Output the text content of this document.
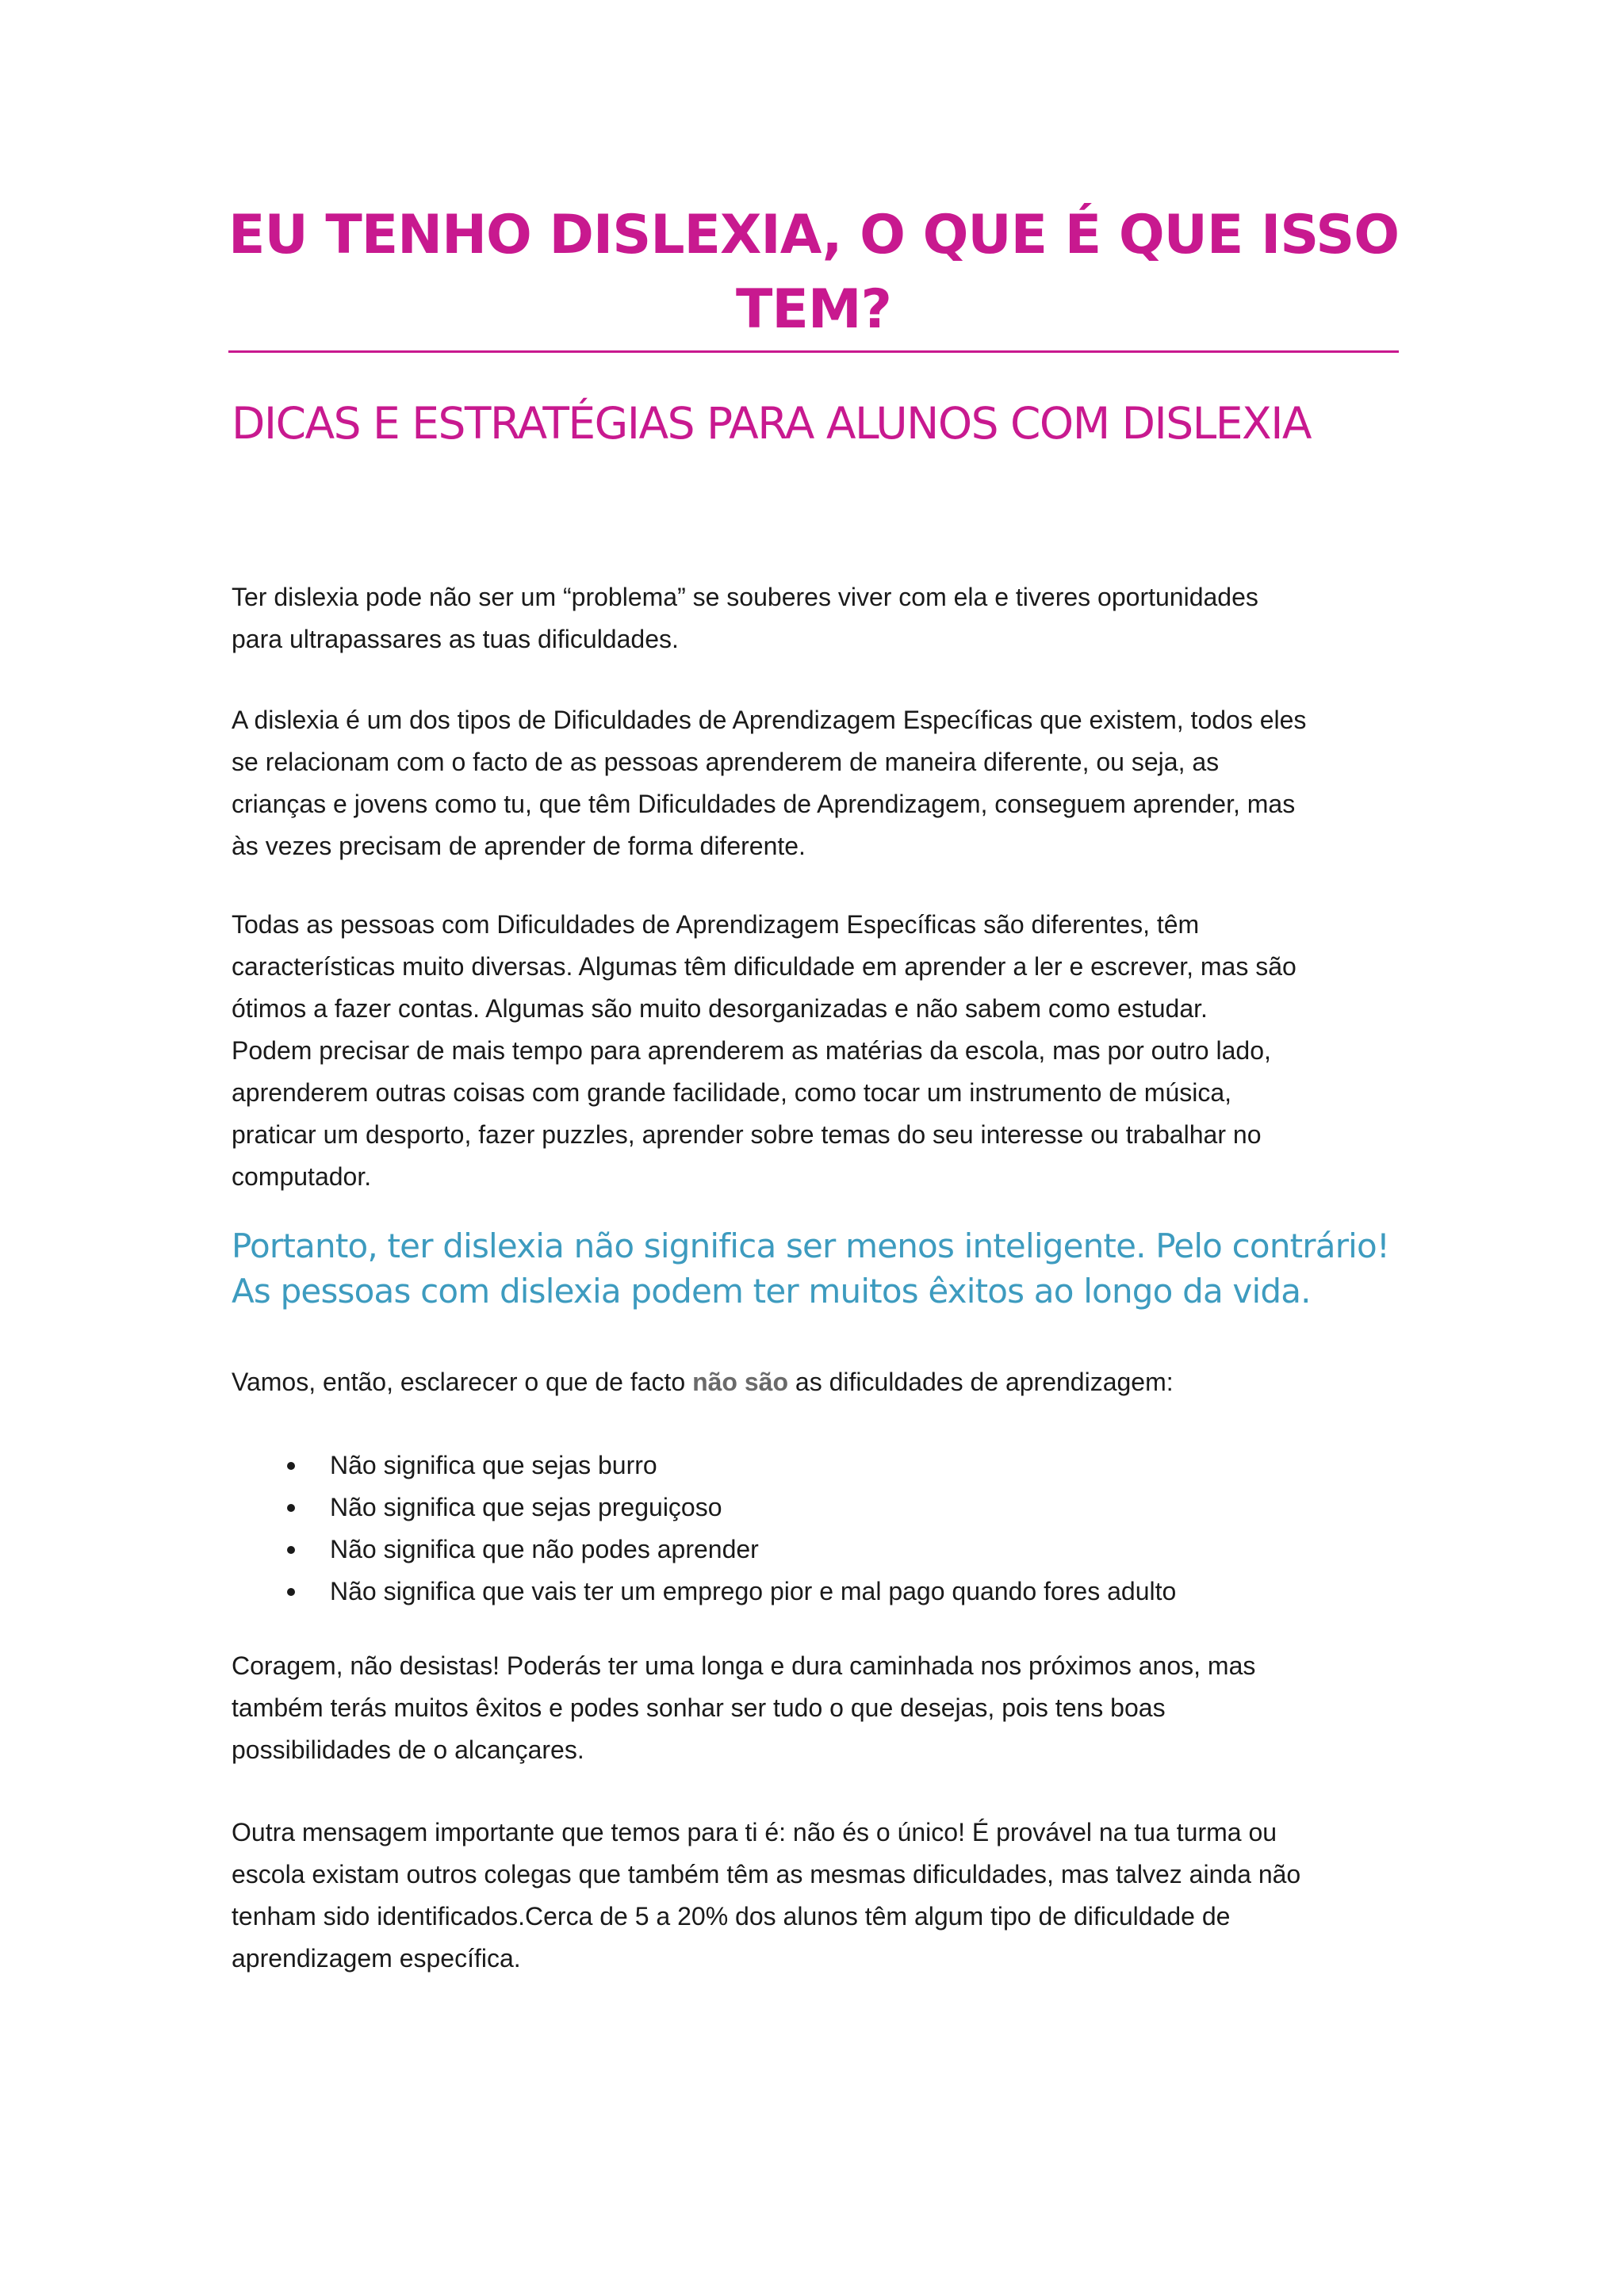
EU TENHO DISLEXIA, O QUE É QUE ISSO
TEM?
DICAS E ESTRATÉGIAS PARA ALUNOS COM DISLEXIA

Ter dislexia pode não ser um “problema” se souberes viver com ela e tiveres oportunidades
para ultrapassares as tuas dificuldades.

A dislexia é um dos tipos de Dificuldades de Aprendizagem Específicas que existem, todos eles
se relacionam com o facto de as pessoas aprenderem de maneira diferente, ou seja, as
crianças e jovens como tu, que têm Dificuldades de Aprendizagem, conseguem aprender, mas
às vezes precisam de aprender de forma diferente.

Todas as pessoas com Dificuldades de Aprendizagem Específicas são diferentes, têm
características muito diversas. Algumas têm dificuldade em aprender a ler e escrever, mas são
ótimos a fazer contas. Algumas são muito desorganizadas e não sabem como estudar.
Podem precisar de mais tempo para aprenderem as matérias da escola, mas por outro lado,
aprenderem outras coisas com grande facilidade, como tocar um instrumento de música,
praticar um desporto, fazer puzzles, aprender sobre temas do seu interesse ou trabalhar no
computador.

Portanto, ter dislexia não significa ser menos inteligente. Pelo contrário!
As pessoas com dislexia podem ter muitos êxitos ao longo da vida.

Vamos, então, esclarecer o que de facto não são as dificuldades de aprendizagem:

Não significa que sejas burro
Não significa que sejas preguiçoso
Não significa que não podes aprender
Não significa que vais ter um emprego pior e mal pago quando fores adulto

Coragem, não desistas! Poderás ter uma longa e dura caminhada nos próximos anos, mas
também terás muitos êxitos e podes sonhar ser tudo o que desejas, pois tens boas
possibilidades de o alcançares.

Outra mensagem importante que temos para ti é: não és o único! É provável na tua turma ou
escola existam outros colegas que também têm as mesmas dificuldades, mas talvez ainda não
tenham sido identificados.Cerca de 5 a 20% dos alunos têm algum tipo de dificuldade de
aprendizagem específica.
